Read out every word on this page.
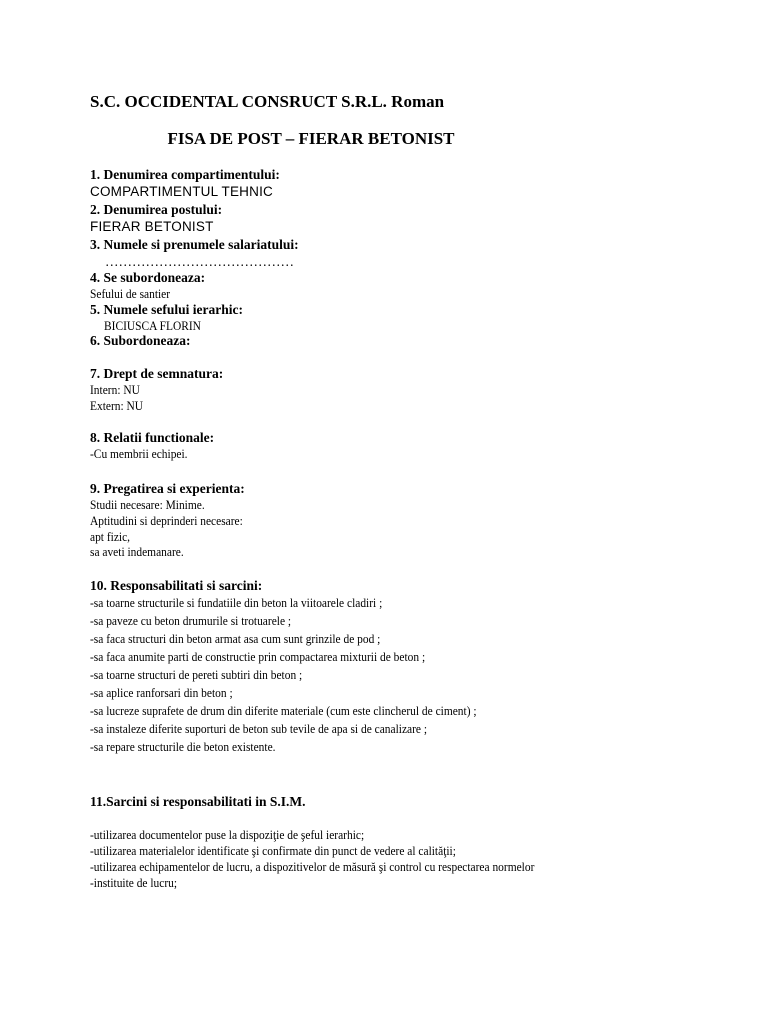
S.C. OCCIDENTAL CONSRUCT S.R.L. Roman
FISA DE POST – FIERAR BETONIST
1. Denumirea compartimentului:
COMPARTIMENTUL TEHNIC
2. Denumirea postului:
FIERAR BETONIST
3. Numele si prenumele salariatului:
……………………………………
4. Se subordoneaza:
Sefului de santier
5. Numele sefului ierarhic:
BICIUSCA FLORIN
6. Subordoneaza:
7. Drept de semnatura:
Intern: NU
Extern: NU
8. Relatii functionale:
-Cu membrii echipei.
9. Pregatirea si experienta:
Studii necesare: Minime.
Aptitudini si deprinderi necesare:
apt fizic,
sa aveti indemanare.
10. Responsabilitati si sarcini:
-sa toarne structurile si fundatiile din beton la viitoarele cladiri ;
-sa paveze cu beton drumurile si trotuarele ;
-sa faca structuri din beton armat asa cum sunt grinzile de pod ;
-sa faca anumite parti de constructie prin compactarea mixturii de beton ;
-sa toarne structuri de pereti subtiri din beton ;
-sa aplice ranforsari din beton ;
-sa lucreze suprafete de drum din diferite materiale (cum este clincherul de ciment) ;
-sa instaleze diferite suporturi de beton sub tevile de apa si de canalizare ;
-sa repare structurile die beton existente.
11.Sarcini si responsabilitati in S.I.M.
-utilizarea documentelor puse la dispoziţie de şeful ierarhic;
-utilizarea materialelor identificate şi confirmate din punct de vedere al calităţii;
-utilizarea echipamentelor de lucru, a dispozitivelor de măsură şi control cu respectarea normelor
-instituite de lucru;
